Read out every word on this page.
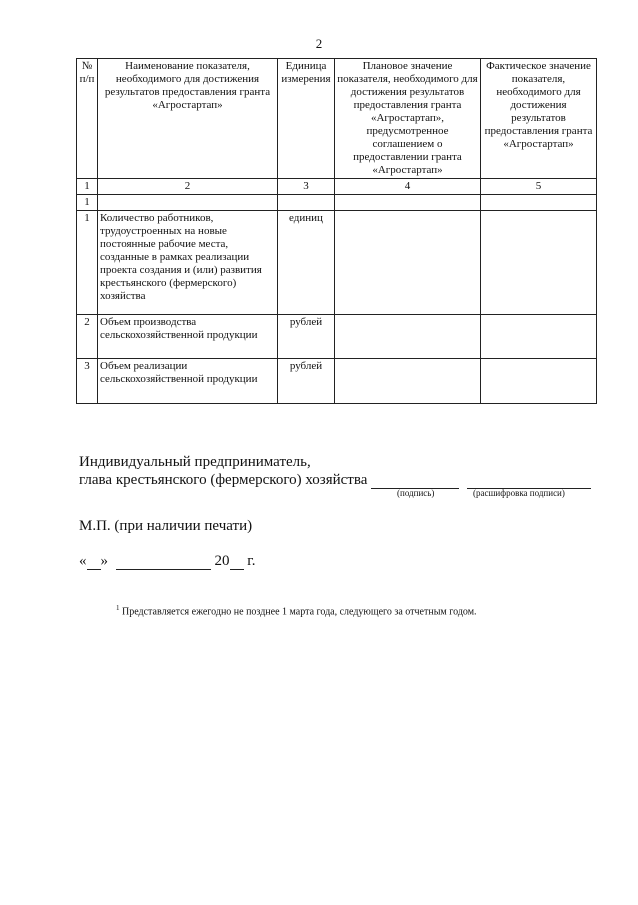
2
№ п/п	Наименование показателя, необходимого для достижения результатов предоставления гранта «Агростартап»	Единица измерения	Плановое значение показателя, необходимого для достижения результатов предоставления гранта «Агростартап», предусмотренное соглашением о предоставлении гранта «Агростартап»	Фактическое значение показателя, необходимого для достижения результатов предоставления гранта «Агростартап»
1	2	3	4	5
1				
1	Количество работников, трудоустроенных на новые постоянные рабочие места, созданные в рамках реализации проекта создания и (или) развития крестьянского (фермерского) хозяйства	единиц		
2	Объем производства сельскохозяйственной продукции	рублей		
3	Объем реализации сельскохозяйственной продукции	рублей		
Индивидуальный предприниматель,
глава крестьянского (фермерского) хозяйства
(подпись)	(расшифровка подписи)
М.П. (при наличии печати)
« »	20 г.
$^1$ Представляется ежегодно не позднее 1 марта года, следующего за отчетным годом.
